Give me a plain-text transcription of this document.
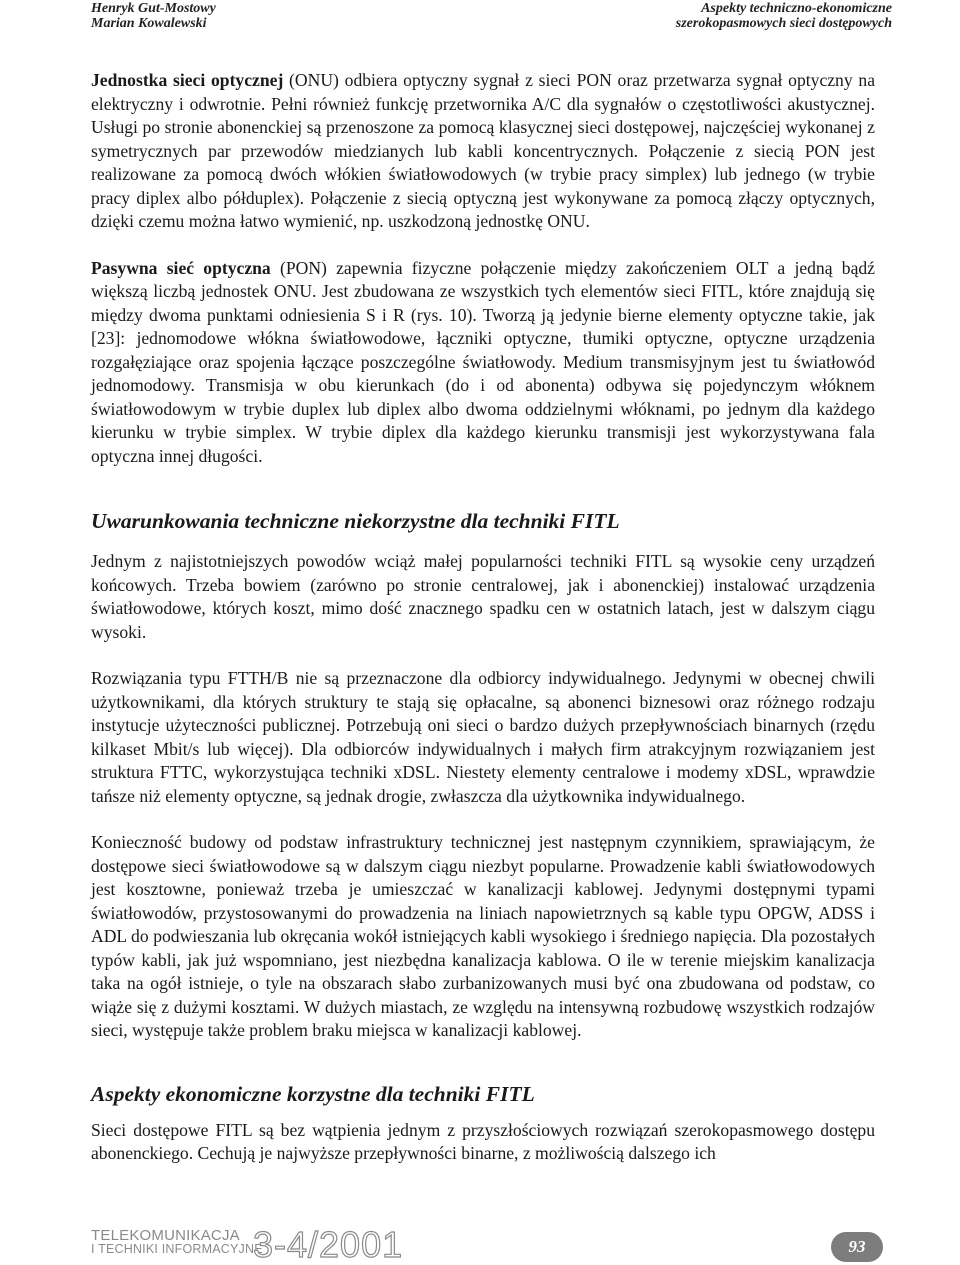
Henryk Gut-Mostowy
Marian Kowalewski
Aspekty techniczno-ekonomiczne
szerokopasmowych sieci dostępowych

Jednostka sieci optycznej (ONU) odbiera optyczny sygnał z sieci PON oraz przetwarza sygnał optyczny na elektryczny i odwrotnie. Pełni również funkcję przetwornika A/C dla sygnałów o częstotliwości akustycznej. Usługi po stronie abonenckiej są przenoszone za pomocą klasycznej sieci dostępowej, najczęściej wykonanej z symetrycznych par przewodów miedzianych lub kabli koncentrycznych. Połączenie z siecią PON jest realizowane za pomocą dwóch włókien światłowodowych (w trybie pracy simplex) lub jednego (w trybie pracy diplex albo półduplex). Połączenie z siecią optyczną jest wykonywane za pomocą złączy optycznych, dzięki czemu można łatwo wymienić, np. uszkodzoną jednostkę ONU.

Pasywna sieć optyczna (PON) zapewnia fizyczne połączenie między zakończeniem OLT a jedną bądź większą liczbą jednostek ONU. Jest zbudowana ze wszystkich tych elementów sieci FITL, które znajdują się między dwoma punktami odniesienia S i R (rys. 10). Tworzą ją jedynie bierne elementy optyczne takie, jak [23]: jednomodowe włókna światłowodowe, łączniki optyczne, tłumiki optyczne, optyczne urządzenia rozgałęziające oraz spojenia łączące poszczególne światłowody. Medium transmisyjnym jest tu światłowód jednomodowy. Transmisja w obu kierunkach (do i od abonenta) odbywa się pojedynczym włóknem światłowodowym w trybie duplex lub diplex albo dwoma oddzielnymi włóknami, po jednym dla każdego kierunku w trybie simplex. W trybie diplex dla każdego kierunku transmisji jest wykorzystywana fala optyczna innej długości.

Uwarunkowania techniczne niekorzystne dla techniki FITL

Jednym z najistotniejszych powodów wciąż małej popularności techniki FITL są wysokie ceny urządzeń końcowych. Trzeba bowiem (zarówno po stronie centralowej, jak i abonenckiej) instalować urządzenia światłowodowe, których koszt, mimo dość znacznego spadku cen w ostatnich latach, jest w dalszym ciągu wysoki.

Rozwiązania typu FTTH/B nie są przeznaczone dla odbiorcy indywidualnego. Jedynymi w obecnej chwili użytkownikami, dla których struktury te stają się opłacalne, są abonenci biznesowi oraz różnego rodzaju instytucje użyteczności publicznej. Potrzebują oni sieci o bardzo dużych przepływnościach binarnych (rzędu kilkaset Mbit/s lub więcej). Dla odbiorców indywidualnych i małych firm atrakcyjnym rozwiązaniem jest struktura FTTC, wykorzystująca techniki xDSL. Niestety elementy centralowe i modemy xDSL, wprawdzie tańsze niż elementy optyczne, są jednak drogie, zwłaszcza dla użytkownika indywidualnego.

Konieczność budowy od podstaw infrastruktury technicznej jest następnym czynnikiem, sprawiającym, że dostępowe sieci światłowodowe są w dalszym ciągu niezbyt popularne. Prowadzenie kabli światłowodowych jest kosztowne, ponieważ trzeba je umieszczać w kanalizacji kablowej. Jedynymi dostępnymi typami światłowodów, przystosowanymi do prowadzenia na liniach napowietrznych są kable typu OPGW, ADSS i ADL do podwieszania lub okręcania wokół istniejących kabli wysokiego i średniego napięcia. Dla pozostałych typów kabli, jak już wspomniano, jest niezbędna kanalizacja kablowa. O ile w terenie miejskim kanalizacja taka na ogół istnieje, o tyle na obszarach słabo zurbanizowanych musi być ona zbudowana od podstaw, co wiąże się z dużymi kosztami. W dużych miastach, ze względu na intensywną rozbudowę wszystkich rodzajów sieci, występuje także problem braku miejsca w kanalizacji kablowej.

Aspekty ekonomiczne korzystne dla techniki FITL

Sieci dostępowe FITL są bez wątpienia jednym z przyszłościowych rozwiązań szerokopasmowego dostępu abonenckiego. Cechują je najwyższe przepływności binarne, z możliwością dalszego ich

TELEKOMUNIKACJA
I TECHNIKI INFORMACYJNE
3-4/2001	93
